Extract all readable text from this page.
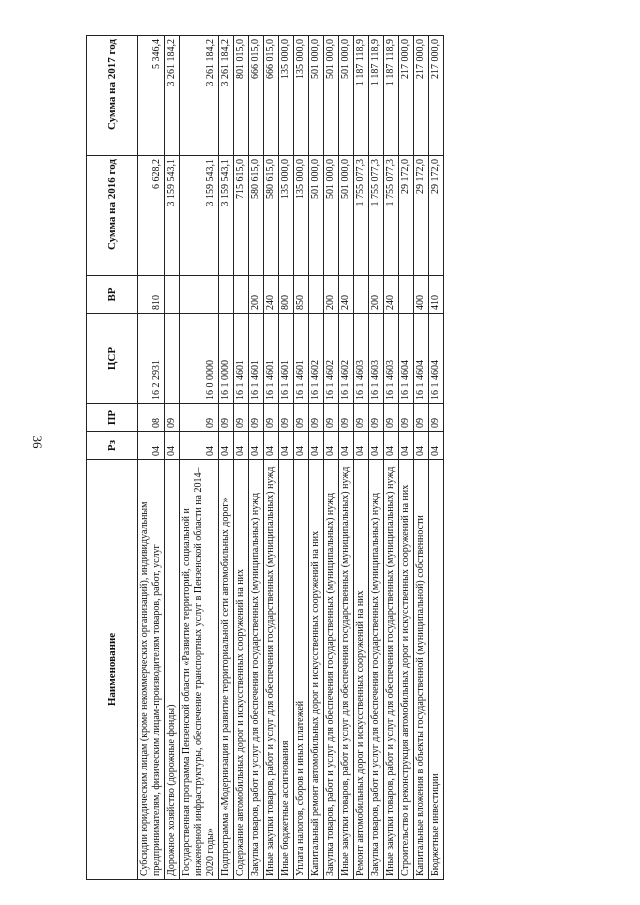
36
Наименование	Рз	ПР	ЦСР	ВР	Сумма на 2016 год	Сумма на 2017 год
Субсидии юридическим лицам (кроме некоммерческих организаций), индивидуальным предпринимателям, физическим лицам-производителям товаров, работ, услуг	04	08	16 2 2931	810	6 628,2	5 346,4
Дорожное хозяйство (дорожные фонды)	04	09			3 159 543,1	3 261 184,2
Государственная программа Пензенской области «Развитие территорий, социальной и инженерной инфраструктуры, обеспечение транспортных услуг в Пензенской области на 2014–2020 годы»	04	09	16 0 0000		3 159 543,1	3 261 184,2
Подпрограмма «Модернизация и развитие территориальной сети автомобильных дорог»	04	09	16 1 0000		3 159 543,1	3 261 184,2
Содержание автомобильных дорог и искусственных сооружений на них	04	09	16 1 4601		715 615,0	801 015,0
Закупка товаров, работ и услуг для обеспечения государственных (муниципальных) нужд	04	09	16 1 4601	200	580 615,0	666 015,0
Иные закупки товаров, работ и услуг для обеспечения государственных (муниципальных) нужд	04	09	16 1 4601	240	580 615,0	666 015,0
Иные бюджетные ассигнования	04	09	16 1 4601	800	135 000,0	135 000,0
Уплата налогов, сборов и иных платежей	04	09	16 1 4601	850	135 000,0	135 000,0
Капитальный ремонт автомобильных дорог и искусственных сооружений на них	04	09	16 1 4602		501 000,0	501 000,0
Закупка товаров, работ и услуг для обеспечения государственных (муниципальных) нужд	04	09	16 1 4602	200	501 000,0	501 000,0
Иные закупки товаров, работ и услуг для обеспечения государственных (муниципальных) нужд	04	09	16 1 4602	240	501 000,0	501 000,0
Ремонт автомобильных дорог и искусственных сооружений на них	04	09	16 1 4603		1 755 077,3	1 187 118,9
Закупка товаров, работ и услуг для обеспечения государственных (муниципальных) нужд	04	09	16 1 4603	200	1 755 077,3	1 187 118,9
Иные закупки товаров, работ и услуг для обеспечения государственных (муниципальных) нужд	04	09	16 1 4603	240	1 755 077,3	1 187 118,9
Строительство и реконструкция автомобильных дорог и искусственных сооружений на них	04	09	16 1 4604		29 172,0	217 000,0
Капитальные вложения в объекты государственной (муниципальной) собственности	04	09	16 1 4604	400	29 172,0	217 000,0
Бюджетные инвестиции	04	09	16 1 4604	410	29 172,0	217 000,0
